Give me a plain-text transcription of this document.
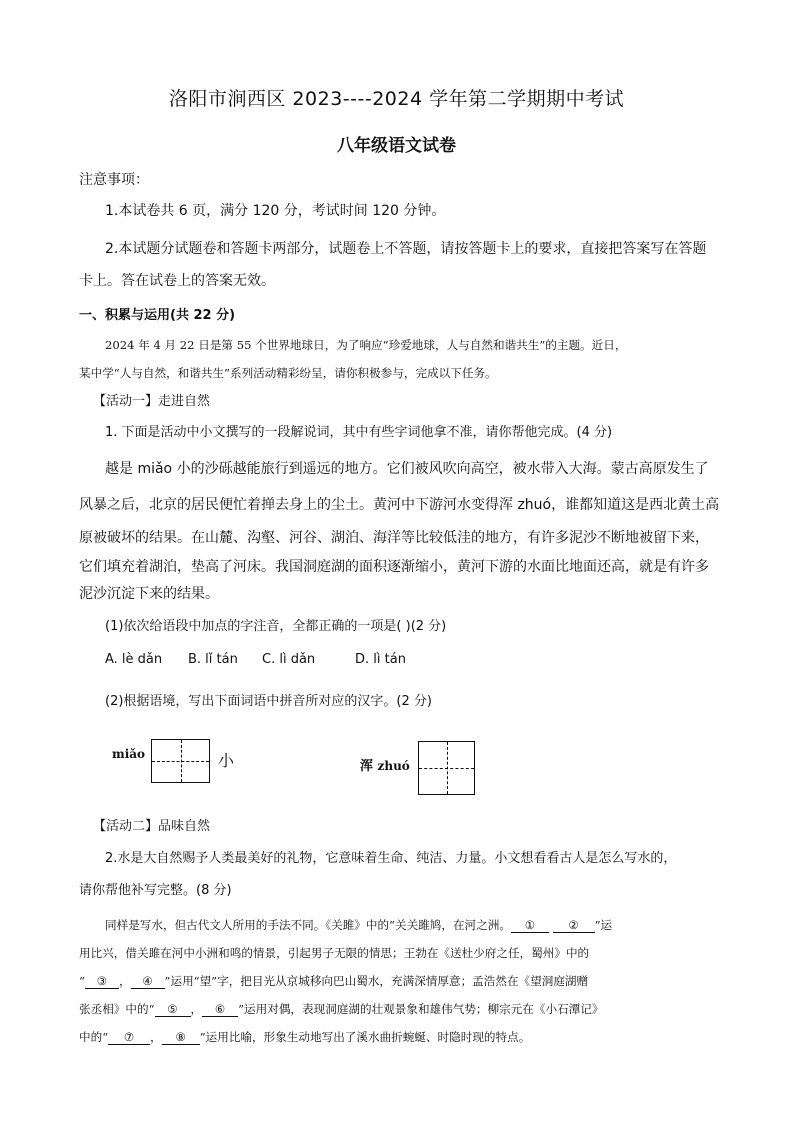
洛阳市涧西区 2023----2024 学年第二学期期中考试
八年级语文试卷
注意事项：
1.本试卷共 6 页，满分 120 分，考试时间 120 分钟。
2.本试题分试题卷和答题卡两部分，试题卷上不答题，请按答题卡上的要求，直接把答案写在答题
卡上。答在试卷上的答案无效。
一、积累与运用(共 22 分)
2024 年 4 月 22 日是第 55 个世界地球日，为了响应“珍爱地球，人与自然和谐共生”的主题。近日，
某中学“人与自然，和谐共生”系列活动精彩纷呈，请你积极参与，完成以下任务。
【活动一】走进自然
1. 下面是活动中小文撰写的一段解说词，其中有些字词他拿不准，请你帮他完成。(4 分)
越是 miǎo 小的沙砾越能旅行到遥远的地方。它们被风吹向高空，被水带入大海。蒙古高原发生了
风暴之后，北京的居民便忙着掸去身上的尘土。黄河中下游河水变得浑 zhuó，谁都知道这是西北黄土高
原被破坏的结果。在山麓、沟壑、河谷、湖泊、海洋等比较低洼的地方，有许多泥沙不断地被留下来，
它们填充着湖泊，垫高了河床。我国洞庭湖的面积逐渐缩小，黄河下游的水面比地面还高，就是有许多
泥沙沉淀下来的结果。
(1)依次给语段中加点的字注音，全都正确的一项是( )(2 分)
A. lè dǎn B. lǐ tán C. lì dǎn	D. lì tán
(2)根据语境，写出下面词语中拼音所对应的汉字。(2 分)
miǎo	小	浑 zhuó
【活动二】品味自然
2.水是大自然赐予人类最美好的礼物，它意味着生命、纯洁、力量。小文想看看古人是怎么写水的，
请你帮他补写完整。(8 分)
同样是写水，但古代文人所用的手法不同。《关雎》中的“关关雎鸠，在河之洲。 ①	② ”运
用比兴，借关雎在河中小洲和鸣的情景，引起男子无限的情思；王勃在《送杜少府之任，蜀州》中的
“ ③ ， ④ ”运用“望”字，把目光从京城移向巴山蜀水，充满深情厚意；孟浩然在《望洞庭湖赠
张丞相》中的“ ⑤ ， ⑥ ”运用对偶，表现洞庭湖的壮观景象和雄伟气势；柳宗元在《小石潭记》
中的“ ⑦ ， ⑧ ”运用比喻，形象生动地写出了溪水曲折蜿蜒、时隐时现的特点。
